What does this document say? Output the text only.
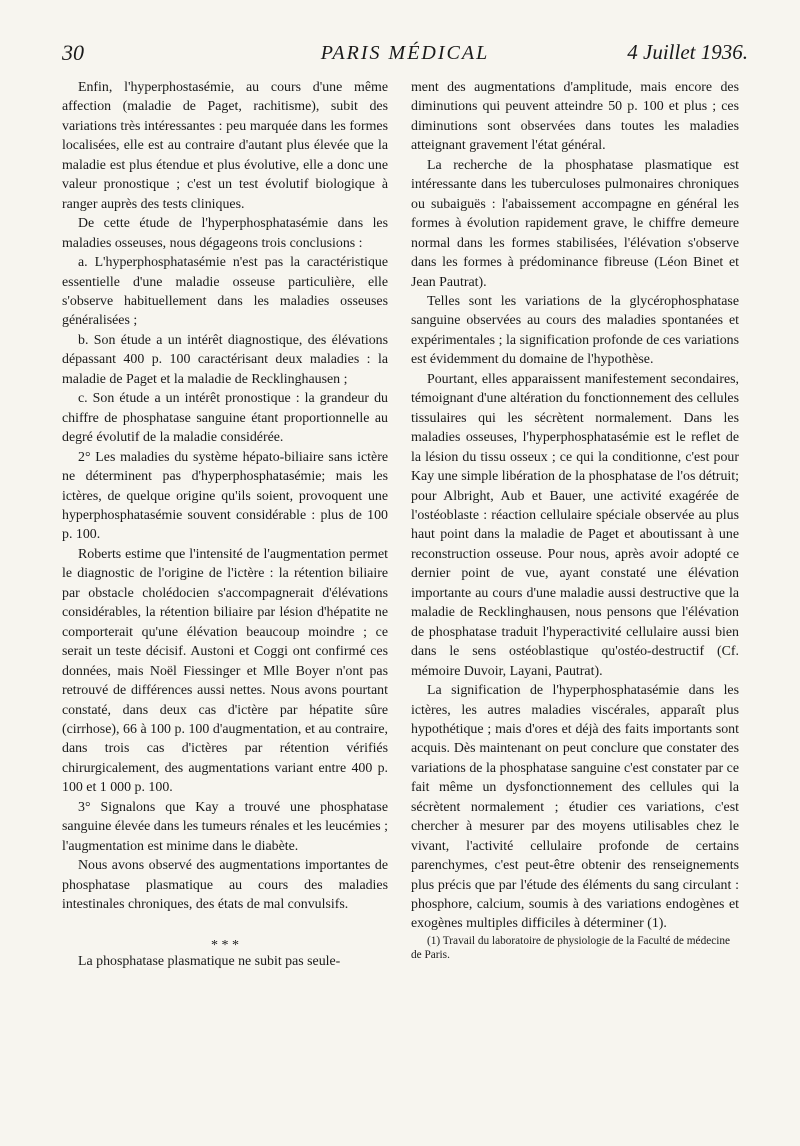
30	PARIS MÉDICAL	4 Juillet 1936.

Enfin, l'hyperphostasémie, au cours d'une même affection (maladie de Paget, rachitisme), subit des variations très intéressantes : peu marquée dans les formes localisées, elle est au contraire d'autant plus élevée que la maladie est plus étendue et plus évolutive, elle a donc une valeur pronostique ; c'est un test évolutif biologique à ranger auprès des tests cliniques.

De cette étude de l'hyperphosphatasémie dans les maladies osseuses, nous dégageons trois conclusions :

a. L'hyperphosphatasémie n'est pas la caractéristique essentielle d'une maladie osseuse particulière, elle s'observe habituellement dans les maladies osseuses généralisées ;

b. Son étude a un intérêt diagnostique, des élévations dépassant 400 p. 100 caractérisant deux maladies : la maladie de Paget et la maladie de Recklinghausen ;

c. Son étude a un intérêt pronostique : la grandeur du chiffre de phosphatase sanguine étant proportionnelle au degré évolutif de la maladie considérée.

2° Les maladies du système hépato-biliaire sans ictère ne déterminent pas d'hyperphosphatasémie; mais les ictères, de quelque origine qu'ils soient, provoquent une hyperphosphatasémie souvent considérable : plus de 100 p. 100.

Roberts estime que l'intensité de l'augmentation permet le diagnostic de l'origine de l'ictère : la rétention biliaire par obstacle cholédocien s'accompagnerait d'élévations considérables, la rétention biliaire par lésion d'hépatite ne comporterait qu'une élévation beaucoup moindre ; ce serait un teste décisif. Austoni et Coggi ont confirmé ces données, mais Noël Fiessinger et Mlle Boyer n'ont pas retrouvé de différences aussi nettes. Nous avons pourtant constaté, dans deux cas d'ictère par hépatite sûre (cirrhose), 66 à 100 p. 100 d'augmentation, et au contraire, dans trois cas d'ictères par rétention vérifiés chirurgicalement, des augmentations variant entre 400 p. 100 et 1 000 p. 100.

3° Signalons que Kay a trouvé une phosphatase sanguine élevée dans les tumeurs rénales et les leucémies ; l'augmentation est minime dans le diabète.

Nous avons observé des augmentations importantes de phosphatase plasmatique au cours des maladies intestinales chroniques, des états de mal convulsifs.

* * *

La phosphatase plasmatique ne subit pas seule-

ment des augmentations d'amplitude, mais encore des diminutions qui peuvent atteindre 50 p. 100 et plus ; ces diminutions sont observées dans toutes les maladies atteignant gravement l'état général.

La recherche de la phosphatase plasmatique est intéressante dans les tuberculoses pulmonaires chroniques ou subaiguës : l'abaissement accompagne en général les formes à évolution rapidement grave, le chiffre demeure normal dans les formes stabilisées, l'élévation s'observe dans les formes à prédominance fibreuse (Léon Binet et Jean Pautrat).

Telles sont les variations de la glycérophosphatase sanguine observées au cours des maladies spontanées et expérimentales ; la signification profonde de ces variations est évidemment du domaine de l'hypothèse.

Pourtant, elles apparaissent manifestement secondaires, témoignant d'une altération du fonctionnement des cellules tissulaires qui les sécrètent normalement. Dans les maladies osseuses, l'hyperphosphatasémie est le reflet de la lésion du tissu osseux ; ce qui la conditionne, c'est pour Kay une simple libération de la phosphatase de l'os détruit; pour Albright, Aub et Bauer, une activité exagérée de l'ostéoblaste : réaction cellulaire spéciale observée au plus haut point dans la maladie de Paget et aboutissant à une reconstruction osseuse. Pour nous, après avoir adopté ce dernier point de vue, ayant constaté une élévation importante au cours d'une maladie aussi destructive que la maladie de Recklinghausen, nous pensons que l'élévation de phosphatase traduit l'hyperactivité cellulaire aussi bien dans le sens ostéoblastique qu'ostéo-destructif (Cf. mémoire Duvoir, Layani, Pautrat).

La signification de l'hyperphosphatasémie dans les ictères, les autres maladies viscérales, apparaît plus hypothétique ; mais d'ores et déjà des faits importants sont acquis. Dès maintenant on peut conclure que constater des variations de la phosphatase sanguine c'est constater par ce fait même un dysfonctionnement des cellules qui la sécrètent normalement ; étudier ces variations, c'est chercher à mesurer par des moyens utilisables chez le vivant, l'activité cellulaire profonde de certains parenchymes, c'est peut-être obtenir des renseignements plus précis que par l'étude des éléments du sang circulant : phosphore, calcium, soumis à des variations endogènes et exogènes multiples difficiles à déterminer (1).

(1) Travail du laboratoire de physiologie de la Faculté de médecine de Paris.
